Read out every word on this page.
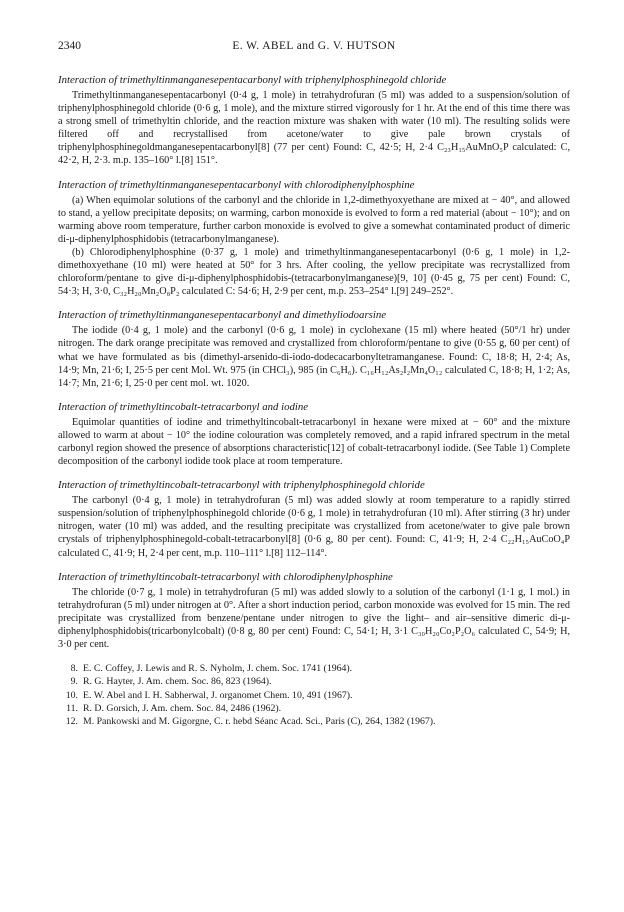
2340	E. W. ABEL and G. V. HUTSON

Interaction of trimethyltinmanganesepentacarbonyl with triphenylphosphinegold chloride

Trimethyltinmanganesepentacarbonyl (0·4 g, 1 mole) in tetrahydrofuran (5 ml) was added to a suspension/solution of triphenylphosphinegold chloride (0·6 g, 1 mole), and the mixture stirred vigorously for 1 hr. At the end of this time there was a strong smell of trimethyltin chloride, and the reaction mixture was shaken with water (10 ml). The resulting solids were filtered off and recrystallised from acetone/water to give pale brown crystals of triphenylphosphinegoldmanganesepentacarbonyl[8] (77 per cent) Found: C, 42·5; H, 2·4 C₂₃H₁₅AuMnO₅P calculated: C, 42·2, H, 2·3. m.p. 135–160° l.[8] 151°.

Interaction of trimethyltinmanganesepentacarbonyl with chlorodiphenylphosphine

(a) When equimolar solutions of the carbonyl and the chloride in 1,2-dimethyoxyethane are mixed at − 40°, and allowed to stand, a yellow precipitate deposits; on warming, carbon monoxide is evolved to form a red material (about − 10°); and on warming above room temperature, further carbon monoxide is evolved to give a somewhat contaminated product of dimeric di-μ-diphenylphosphidobis (tetracarbonylmanganese).

(b) Chlorodiphenylphosphine (0·37 g, 1 mole) and trimethyltinmanganesepentacarbonyl (0·6 g, 1 mole) in 1,2-dimethoxyethane (10 ml) were heated at 50° for 3 hrs. After cooling, the yellow precipitate was recrystallized from chloroform/pentane to give di-μ-diphenylphosphidobis-(tetracarbonylmanganese)[9, 10] (0·45 g, 75 per cent) Found: C, 54·3; H, 3·0, C₃₂H₂₀Mn₂O₈P₂ calculated C: 54·6; H, 2·9 per cent, m.p. 253–254° l.[9] 249–252°.

Interaction of trimethyltinmanganesepentacarbonyl and dimethyliodoarsine

The iodide (0·4 g, 1 mole) and the carbonyl (0·6 g, 1 mole) in cyclohexane (15 ml) where heated (50°/1 hr) under nitrogen. The dark orange precipitate was removed and crystallized from chloroform/pentane to give (0·55 g, 60 per cent) of what we have formulated as bis (dimethyl-arsenido-di-iodo-dodecacarbonyltetramanganese. Found: C, 18·8; H, 2·4; As, 14·9; Mn, 21·6; I, 25·5 per cent Mol. Wt. 975 (in CHCl₃), 985 (in C₆H₆). C₁₆H₁₂As₂I₂Mn₄O₁₂ calculated C, 18·8; H, 1·2; As, 14·7; Mn, 21·6; I, 25·0 per cent mol. wt. 1020.

Interaction of trimethyltincobalt-tetracarbonyl and iodine

Equimolar quantities of iodine and trimethyltincobalt-tetracarbonyl in hexane were mixed at − 60° and the mixture allowed to warm at about − 10° the iodine colouration was completely removed, and a rapid infrared spectrum in the metal carbonyl region showed the presence of absorptions characteristic[12] of cobalt-tetracarbonyl iodide. (See Table 1) Complete decomposition of the carbonyl iodide took place at room temperature.

Interaction of trimethyltincobalt-tetracarbonyl with triphenylphosphinegold chloride

The carbonyl (0·4 g, 1 mole) in tetrahydrofuran (5 ml) was added slowly at room temperature to a rapidly stirred suspension/solution of triphenylphosphinegold chloride (0·6 g, 1 mole) in tetrahydrofuran (10 ml). After stirring (3 hr) under nitrogen, water (10 ml) was added, and the resulting precipitate was crystallized from acetone/water to give pale brown crystals of triphenylphosphinegold-cobalt-tetracarbonyl[8] (0·6 g, 80 per cent). Found: C, 41·9; H, 2·4 C₂₂H₁₅AuCoO₄P calculated C, 41·9; H, 2·4 per cent, m.p. 110–111° l.[8] 112–114°.

Interaction of trimethyltincobalt-tetracarbonyl with chlorodiphenylphosphine

The chloride (0·7 g, 1 mole) in tetrahydrofuran (5 ml) was added slowly to a solution of the carbonyl (1·1 g, 1 mol.) in tetrahydrofuran (5 ml) under nitrogen at 0°. After a short induction period, carbon monoxide was evolved for 15 min. The red precipitate was crystallized from benzene/pentane under nitrogen to give the light– and air–sensitive dimeric di-μ-diphenylphosphidobis(tricarbonylcobalt) (0·8 g, 80 per cent) Found: C, 54·1; H, 3·1 C₃₀H₂₀Co₂P₂O₆ calculated C, 54·9; H, 3·0 per cent.

8. E. C. Coffey, J. Lewis and R. S. Nyholm, J. chem. Soc. 1741 (1964).
9. R. G. Hayter, J. Am. chem. Soc. 86, 823 (1964).
10. E. W. Abel and I. H. Sabherwal, J. organomet Chem. 10, 491 (1967).
11. R. D. Gorsich, J. Am. chem. Soc. 84, 2486 (1962).
12. M. Pankowski and M. Gigorgne, C. r. hebd Séanc Acad. Sci., Paris (C), 264, 1382 (1967).
